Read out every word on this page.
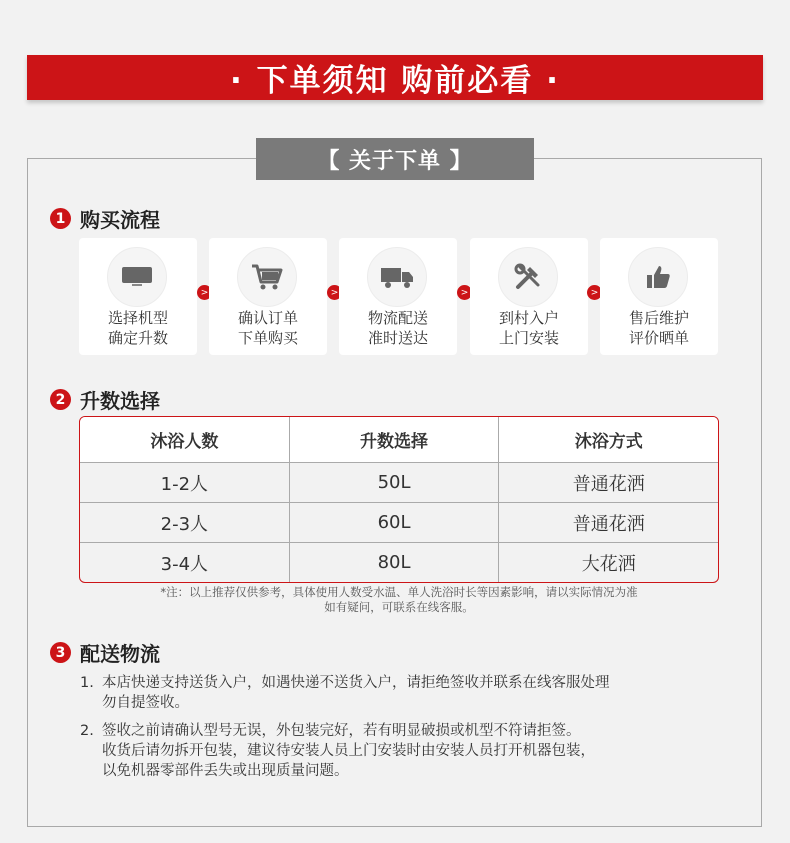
· 下单须知 购前必看 ·
【 关于下单 】
1 购买流程
选择机型
确定升数
>
确认订单
下单购买
>
物流配送
准时送达
>
到村入户
上门安装
>
售后维护
评价晒单
2 升数选择
沐浴人数	升数选择	沐浴方式
1-2人	50L	普通花洒
2-3人	60L	普通花洒
3-4人	80L	大花洒
*注：以上推荐仅供参考，具体使用人数受水温、单人洗浴时长等因素影响，请以实际情况为准
如有疑问，可联系在线客服。
3 配送物流
1. 本店快递支持送货入户，如遇快递不送货入户，请拒绝签收并联系在线客服处理
勿自提签收。
2. 签收之前请确认型号无误，外包装完好，若有明显破损或机型不符请拒签。
收货后请勿拆开包装，建议待安装人员上门安装时由安装人员打开机器包装，
以免机器零部件丢失或出现质量问题。
